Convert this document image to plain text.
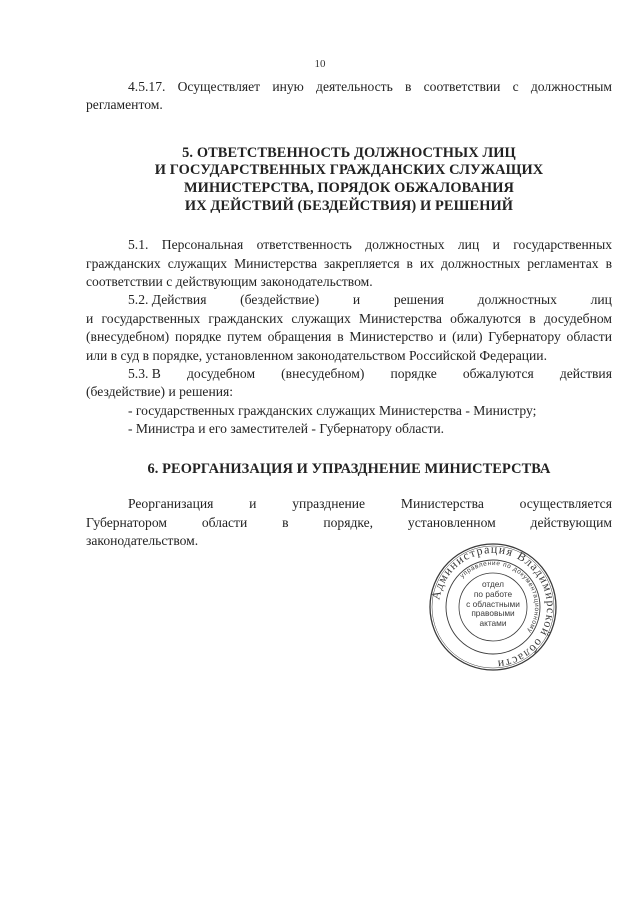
10

4.5.17. Осуществляет иную деятельность в соответствии с должностным

регламентом.

5. ОТВЕТСТВЕННОСТЬ ДОЛЖНОСТНЫХ ЛИЦ
И ГОСУДАРСТВЕННЫХ ГРАЖДАНСКИХ СЛУЖАЩИХ
МИНИСТЕРСТВА, ПОРЯДОК ОБЖАЛОВАНИЯ
ИХ ДЕЙСТВИЙ (БЕЗДЕЙСТВИЯ) И РЕШЕНИЙ

5.1. Персональная ответственность должностных лиц и государственных гражданских служащих Министерства закрепляется в их должностных регламентах в соответствии с действующим законодательством.

5.2. Действия (бездействие) и решения должностных лиц

и государственных гражданских служащих Министерства обжалуются в досудебном (внесудебном) порядке путем обращения в Министерство и (или) Губернатору области или в суд в порядке, установленном законодательством Российской Федерации.

5.3. В досудебном (внесудебном) порядке обжалуются действия

(бездействие) и решения:

- государственных гражданских служащих Министерства - Министру;

- Министра и его заместителей - Губернатору области.

6. РЕОРГАНИЗАЦИЯ И УПРАЗДНЕНИЕ МИНИСТЕРСТВА
Реорганизация	и	упразднение	Министерства	осуществляется
Губернатором	области	в	порядке,	установленном	действующим

законодательством.

Администрация Владимирской области
управление по документационному
отдел
по работе
с областными
правовыми
актами
